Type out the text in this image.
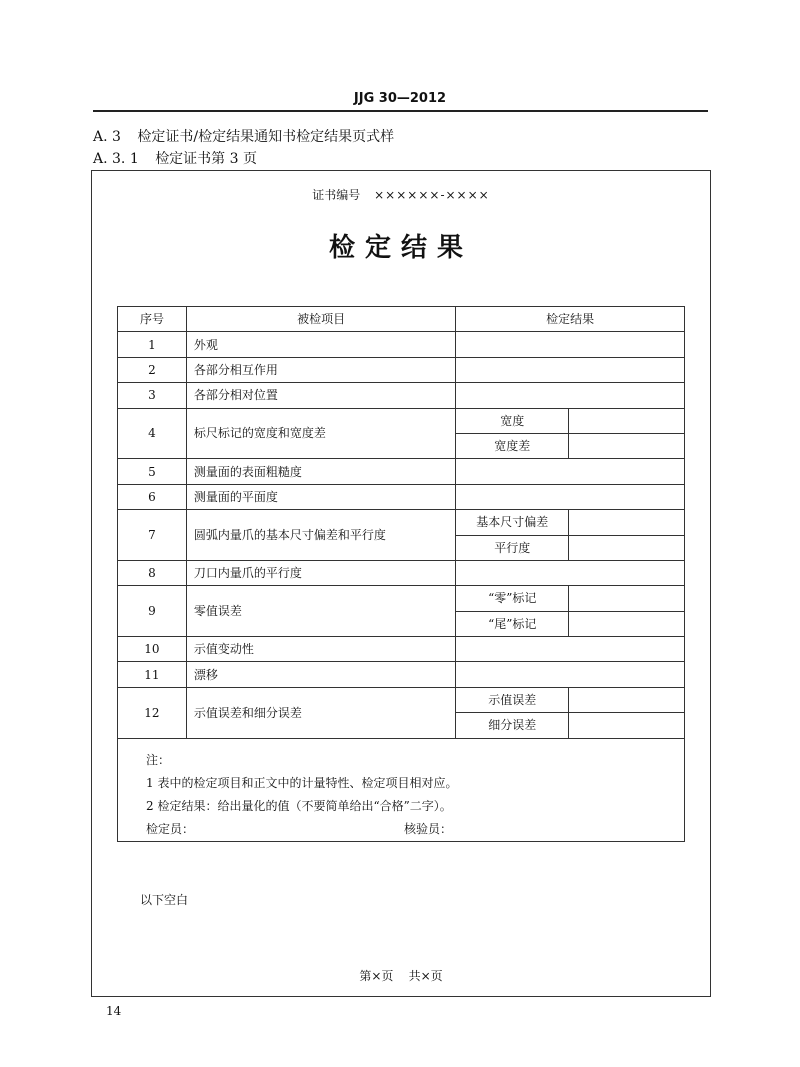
JJG 30—2012
A. 3 检定证书/检定结果通知书检定结果页式样
A. 3. 1 检定证书第 3 页
证书编号 ××××××-××××
检定结果
序号	被检项目	检定结果	
1	外观		
2	各部分相互作用		
3	各部分相对位置		
4	标尺标记的宽度和宽度差	宽度	
		宽度差	
5	测量面的表面粗糙度		
6	测量面的平面度		
7	圆弧内量爪的基本尺寸偏差和平行度	基本尺寸偏差	
		平行度	
8	刀口内量爪的平行度		
9	零值误差	“零”标记	
		“尾”标记	
10	示值变动性		
11	漂移		
12	示值误差和细分误差	示值误差	
		细分误差	

注：
1 表中的检定项目和正文中的计量特性、检定项目相对应。
2 检定结果：给出量化的值（不要简单给出“合格”二字）。
检定员： 核验员：			
以下空白
第×页    共×页
14
